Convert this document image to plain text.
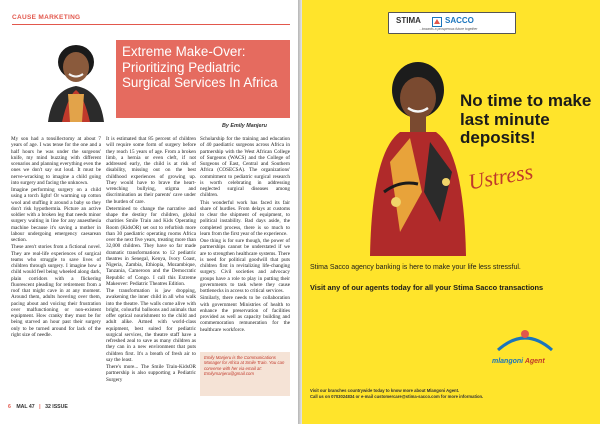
CAUSE MARKETING
Extreme Make-Over: Prioritizing Pediatric Surgical Services In Africa
By Emily Manjeru

My son had a tonsillectomy at about 7 years of age. I was tense for the one and a half hours he was under the surgeons' knife, my mind buzzing with different scenarios and planning everything even the ones we don't say out loud. It must be nerve-wracking to imagine a child going into surgery and facing the unknown.

Imagine performing surgery on a child using a torch light! Or warming up cotton wool and stuffing it around a baby so they don't risk hypothermia. Picture an active soldier with a broken leg that needs minor surgery waiting in line for any anaesthesia machine because it's saving a mother in labour undergoing emergency caesarean section.

These aren't stories from a fictional novel. They are real-life experiences of surgical teams who struggle to save lives of children through surgery. I imagine how a child would feel being wheeled along dark, plain corridors with a flickering fluorescent pleading for retirement from a roof that might cave in at any moment. Around them, adults hovering over them, pacing about and voicing their frustration over malfunctioning or non-existent equipment. How cranky they must be for being starved an hour past their surgery only to be turned around for lack of the right size of needle.

It is estimated that 85 percent of children will require some form of surgery before they reach 15 years of age. From a broken limb, a hernia or even cleft, if not addressed early, the child is at risk of disability, missing out on the best childhood experiences of growing up. They would have to brave the heart-wrenching bullying, stigma and discrimination as their parents' cave under the burden of care.

Determined to change the narrative and shape the destiny for children, global charities Smile Train and Kids Operating Room (KidsOR) set out to refurbish more than 30 paediatric operating rooms Africa over the next five years, treating more than 32,000 children. They have so far made dramatic transformations to 12 pediatric theatres in Senegal, Kenya, Ivory Coast, Nigeria, Zambia, Ethiopia, Mozambique, Tanzania, Cameroon and the Democratic Republic of Congo. I call this Extreme Makeover: Pediatric Theatres Edition.

The transformation is jaw dropping, awakening the inner child in all who walk into the theatre. The walls come alive with bright, colourful balloons and animals that offer optical nourishment to the child and adult alike. Armed with world-class equipment, best suited for pediatric surgical services, the theatre staff have a refreshed zeal to save as many children as they can in a new environment that puts children first. It's a breath of fresh air to say the least.

There's more... The Smile Train-KidsOR partnership is also supporting a Pediatric Surgery

Scholarship for the training and education of 40 paediatric surgeons across Africa in partnership with the West African College of Surgeons (WACS) and the College of Surgeons of East, Central and Southern Africa (COSECSA). The organizations' commitment to pediatric surgical research is worth celebrating in addressing neglected surgical diseases among children.

This wonderful work has faced its fair share of hurdles. From delays at customs to clear the shipment of equipment, to political instability. Bad days aside, the completed process, there is so much to learn from the first year of the experience.

One thing is for sure though, the power of partnerships cannot be understated if we are to strengthen healthcare systems. There is need for political goodwill that puts children first in revitalizing life-changing surgery. Civil societies and advocacy groups have a role to play in putting their governments to task where they cause bottlenecks in access to critical services.

Similarly, there needs to be collaboration with government Ministries of health to enhance the preservation of facilities provided as well as capacity building and commemoration remuneration for the healthcare workforce.

Emily Manjeru is the Communications Manager for Africa at Smile Train. You can converse with her via email at: Emilymanjeru@gmail.com
6 MAL 47 | 32 ISSUE
STIMA	SACCO
...towards a prosperous future together
No time to make last minute deposits!
Ustress
Stima Sacco agency banking is here to make your life less stressful.
Visit any of our agents today for all your Stima Sacco transactions
mlangoni Agent
Visit our branches countrywide today to know more about Mlangoni Agent.
Call us on 0703024834 or e-mail customercare@stima-sacco.com for more information.
